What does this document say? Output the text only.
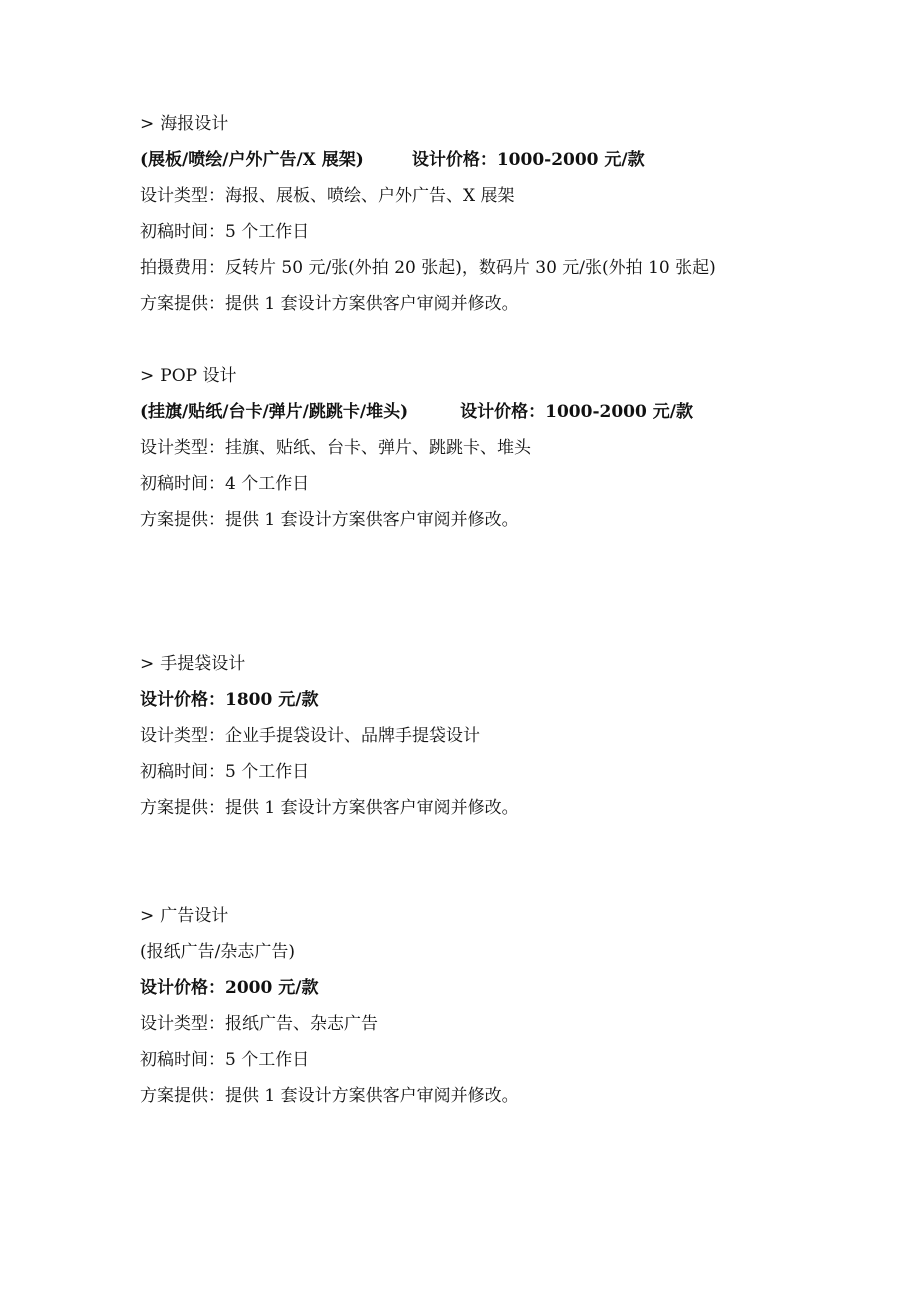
> 海报设计
(展板/喷绘/户外广告/X 展架)	设计价格：1000-2000 元/款
设计类型：海报、展板、喷绘、户外广告、X 展架
初稿时间：5 个工作日
拍摄费用：反转片 50 元/张(外拍 20 张起)，数码片 30 元/张(外拍 10 张起)
方案提供：提供 1 套设计方案供客户审阅并修改。
> POP 设计
(挂旗/贴纸/台卡/弹片/跳跳卡/堆头)	设计价格：1000-2000 元/款
设计类型：挂旗、贴纸、台卡、弹片、跳跳卡、堆头
初稿时间：4 个工作日
方案提供：提供 1 套设计方案供客户审阅并修改。
> 手提袋设计
设计价格：1800 元/款
设计类型：企业手提袋设计、品牌手提袋设计
初稿时间：5 个工作日
方案提供：提供 1 套设计方案供客户审阅并修改。
> 广告设计
(报纸广告/杂志广告)
设计价格：2000 元/款
设计类型：报纸广告、杂志广告
初稿时间：5 个工作日
方案提供：提供 1 套设计方案供客户审阅并修改。
